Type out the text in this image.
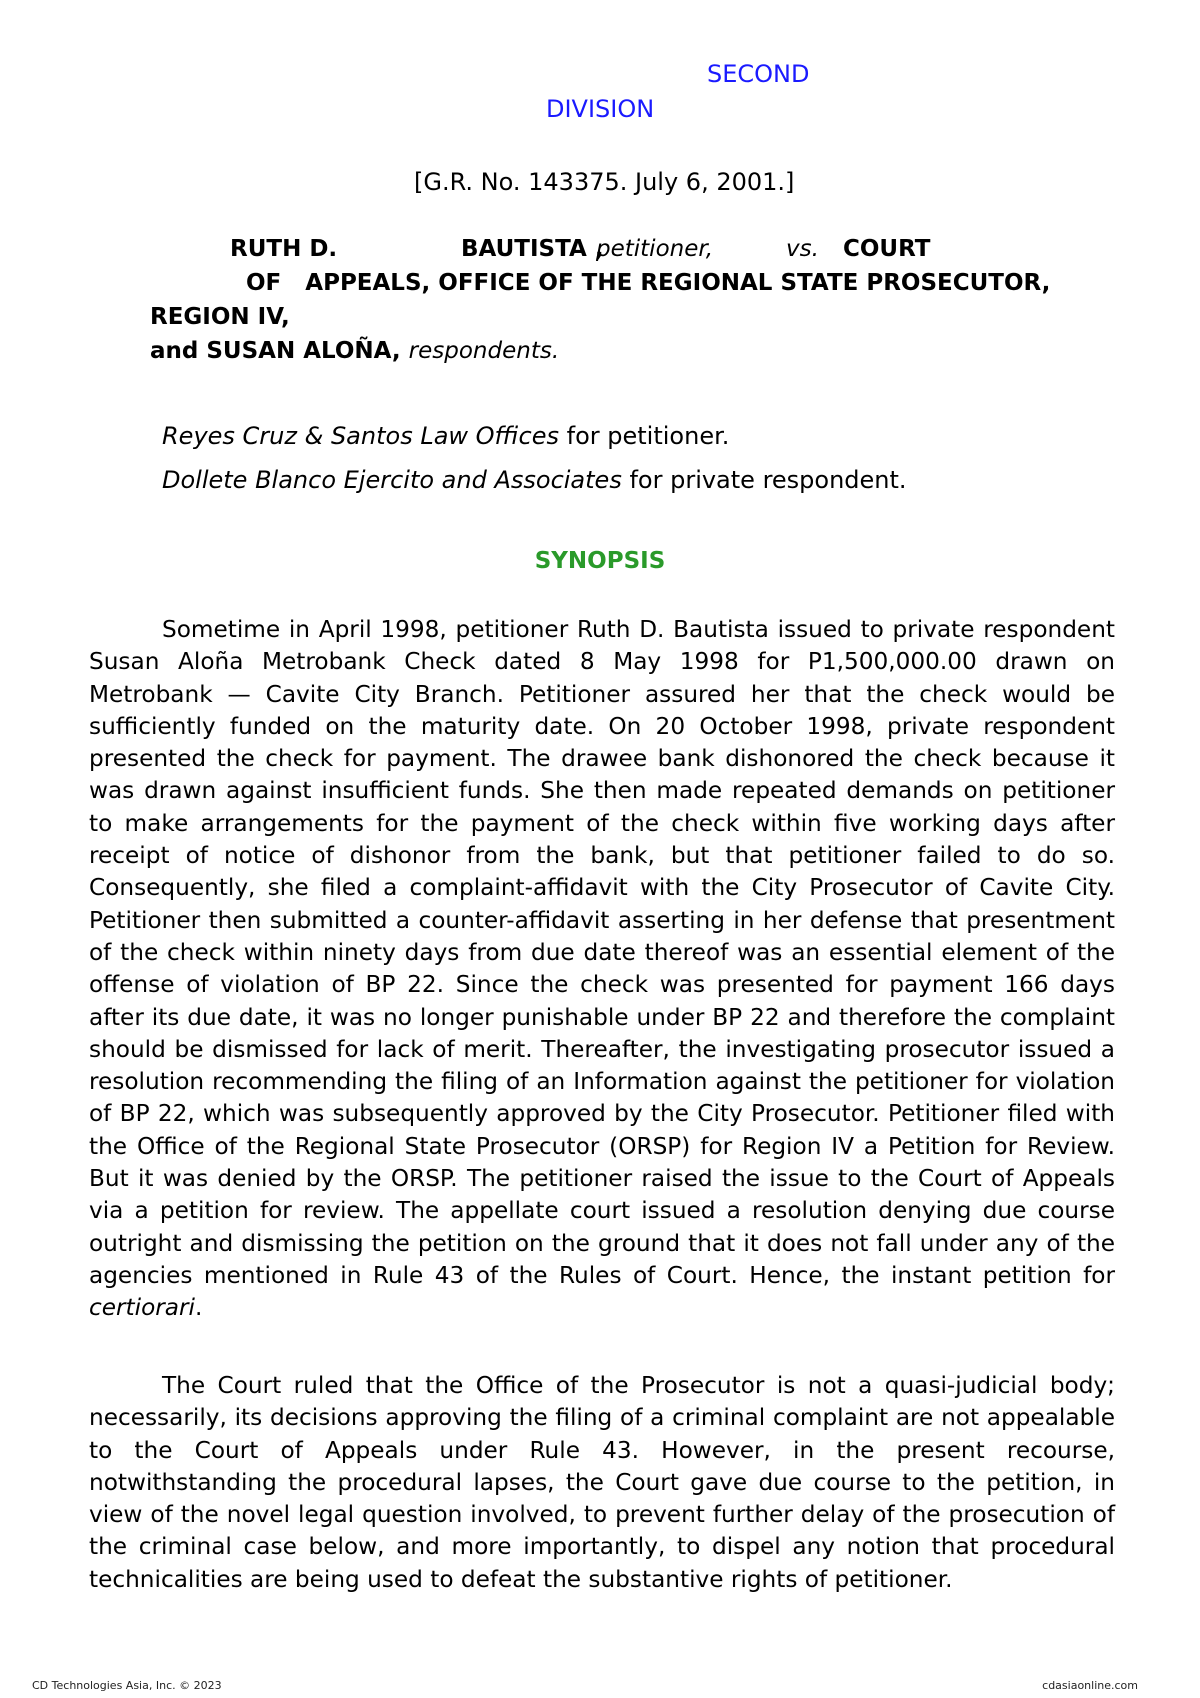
SECOND
DIVISION
[G.R. No. 143375. July 6, 2001.]
RUTH D.	BAUTISTA ,
petitioner,	vs. COURT
OF   APPEALS, OFFICE OF THE REGIONAL STATE PROSECUTOR,
REGION IV,
and SUSAN ALOÑA, respondents.
Reyes Cruz & Santos Law Offices for petitioner.
Dollete Blanco Ejercito and Associates for private respondent.
SYNOPSIS

Sometime in April 1998, petitioner Ruth D. Bautista issued to private respondent Susan Aloña Metrobank Check dated 8 May 1998 for P1,500,000.00 drawn on Metrobank — Cavite City Branch. Petitioner assured her that the check would be sufficiently funded on the maturity date. On 20 October 1998, private respondent presented the check for payment. The drawee bank dishonored the check because it was drawn against insufficient funds. She then made repeated demands on petitioner to make arrangements for the payment of the check within five working days after receipt of notice of dishonor from the bank, but that petitioner failed to do so. Consequently, she filed a complaint-affidavit with the City Prosecutor of Cavite City. Petitioner then submitted a counter-affidavit asserting in her defense that presentment of the check within ninety days from due date thereof was an essential element of the offense of violation of BP 22. Since the check was presented for payment 166 days after its due date, it was no longer punishable under BP 22 and therefore the complaint should be dismissed for lack of merit. Thereafter, the investigating prosecutor issued a resolution recommending the filing of an Information against the petitioner for violation of BP 22, which was subsequently approved by the City Prosecutor. Petitioner filed with the Office of the Regional State Prosecutor (ORSP) for Region IV a Petition for Review. But it was denied by the ORSP. The petitioner raised the issue to the Court of Appeals via a petition for review. The appellate court issued a resolution denying due course outright and dismissing the petition on the ground that it does not fall under any of the agencies mentioned in Rule 43 of the Rules of Court. Hence, the instant petition for certiorari.

The Court ruled that the Office of the Prosecutor is not a quasi-judicial body; necessarily, its decisions approving the filing of a criminal complaint are not appealable to the Court of Appeals under Rule 43. However, in the present recourse, notwithstanding the procedural lapses, the Court gave due course to the petition, in view of the novel legal question involved, to prevent further delay of the prosecution of the criminal case below, and more importantly, to dispel any notion that procedural technicalities are being used to defeat the substantive rights of petitioner.

CD Technologies Asia, Inc. © 2023	cdasiaonline.com
